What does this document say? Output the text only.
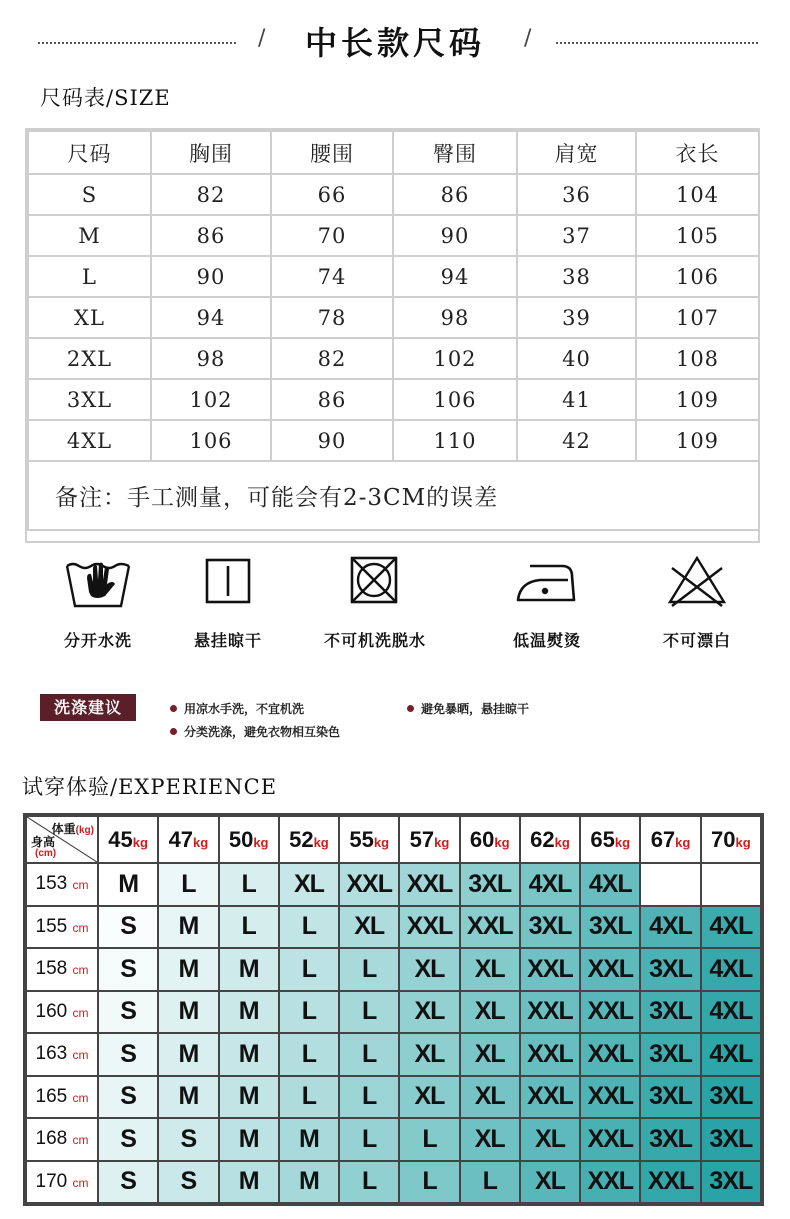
/	中长款尺码	/
尺码表/SIZE
尺码	胸围	腰围	臀围	肩宽	衣长
S	82	66	86	36	104
M	86	70	90	37	105
L	90	74	94	38	106
XL	94	78	98	39	107
2XL	98	82	102	40	108
3XL	102	86	106	41	109
4XL	106	90	110	42	109
备注：手工测量，可能会有2-3CM的误差					
分开水洗	悬挂晾干	不可机洗脱水	低温熨烫	不可漂白
洗涤建议	用凉水手洗，不宜机洗	避免暴晒，悬挂晾干
分类洗涤，避免衣物相互染色
试穿体验/EXPERIENCE
体重(kg)
身高
(cm)	45kg	47kg	50kg	52kg	55kg	57kg	60kg	62kg	65kg	67kg	70kg
153 cm	M	L	L	XL	XXL	XXL	3XL	4XL	4XL		
155 cm	S	M	L	L	XL	XXL	XXL	3XL	3XL	4XL	4XL
158 cm	S	M	M	L	L	XL	XL	XXL	XXL	3XL	4XL
160 cm	S	M	M	L	L	XL	XL	XXL	XXL	3XL	4XL
163 cm	S	M	M	L	L	XL	XL	XXL	XXL	3XL	4XL
165 cm	S	M	M	L	L	XL	XL	XXL	XXL	3XL	3XL
168 cm	S	S	M	M	L	L	XL	XL	XXL	3XL	3XL
170 cm	S	S	M	M	L	L	L	XL	XXL	XXL	3XL
